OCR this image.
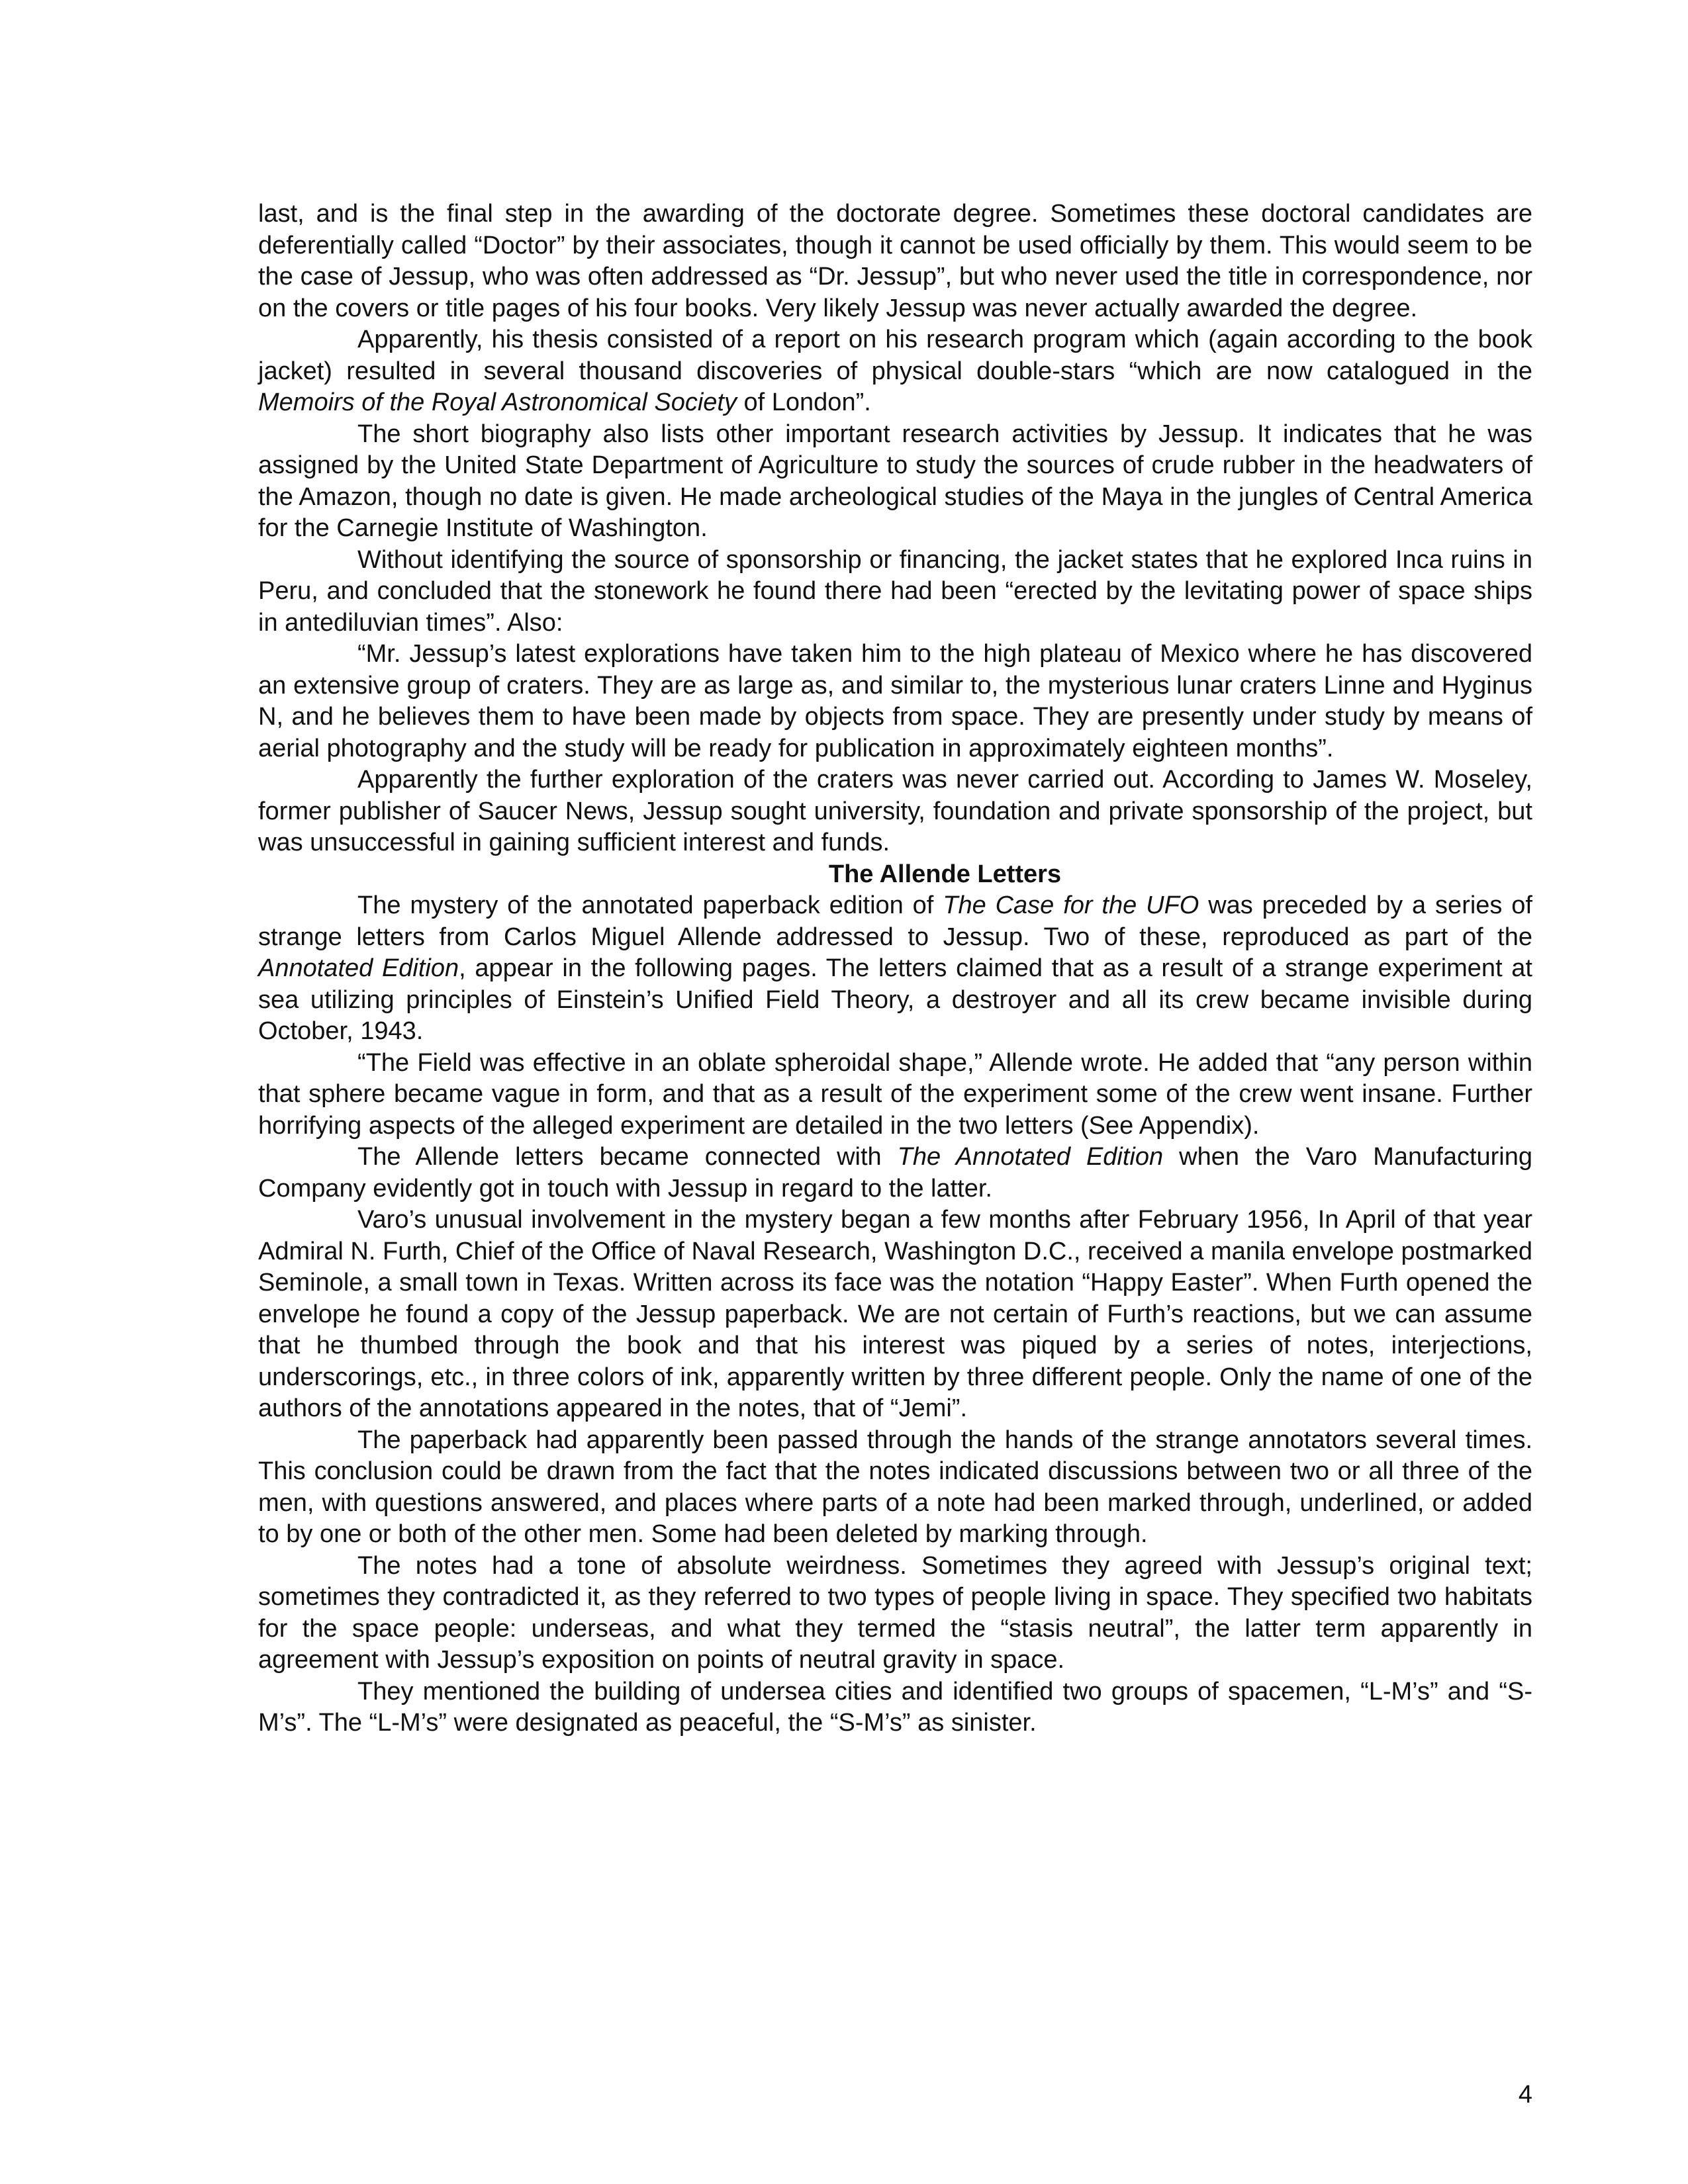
last, and is the final step in the awarding of the doctorate degree. Sometimes these doctoral candidates are deferentially called “Doctor” by their associates, though it cannot be used officially by them. This would seem to be the case of Jessup, who was often addressed as “Dr. Jessup”, but who never used the title in correspondence, nor on the covers or title pages of his four books. Very likely Jessup was never actually awarded the degree.

Apparently, his thesis consisted of a report on his research program which (again according to the book jacket) resulted in several thousand discoveries of physical double-stars “which are now catalogued in the Memoirs of the Royal Astronomical Society of London”.

The short biography also lists other important research activities by Jessup. It indicates that he was assigned by the United State Department of Agriculture to study the sources of crude rubber in the headwaters of the Amazon, though no date is given. He made archeological studies of the Maya in the jungles of Central America for the Carnegie Institute of Washington.

Without identifying the source of sponsorship or financing, the jacket states that he explored Inca ruins in Peru, and concluded that the stonework he found there had been “erected by the levitating power of space ships in antediluvian times”. Also:

“Mr. Jessup’s latest explorations have taken him to the high plateau of Mexico where he has discovered an extensive group of craters. They are as large as, and similar to, the mysterious lunar craters Linne and Hyginus N, and he believes them to have been made by objects from space. They are presently under study by means of aerial photography and the study will be ready for publication in approximately eighteen months”.

Apparently the further exploration of the craters was never carried out. According to James W. Moseley, former publisher of Saucer News, Jessup sought university, foundation and private sponsorship of the project, but was unsuccessful in gaining sufficient interest and funds.

The Allende Letters

The mystery of the annotated paperback edition of The Case for the UFO was preceded by a series of strange letters from Carlos Miguel Allende addressed to Jessup. Two of these, reproduced as part of the Annotated Edition, appear in the following pages. The letters claimed that as a result of a strange experiment at sea utilizing principles of Einstein’s Unified Field Theory, a destroyer and all its crew became invisible during October, 1943.

“The Field was effective in an oblate spheroidal shape,” Allende wrote. He added that “any person within that sphere became vague in form, and that as a result of the experiment some of the crew went insane. Further horrifying aspects of the alleged experiment are detailed in the two letters (See Appendix).

The Allende letters became connected with The Annotated Edition when the Varo Manufacturing Company evidently got in touch with Jessup in regard to the latter.

Varo’s unusual involvement in the mystery began a few months after February 1956, In April of that year Admiral N. Furth, Chief of the Office of Naval Research, Washington D.C., received a manila envelope postmarked Seminole, a small town in Texas. Written across its face was the notation “Happy Easter”. When Furth opened the envelope he found a copy of the Jessup paperback. We are not certain of Furth’s reactions, but we can assume that he thumbed through the book and that his interest was piqued by a series of notes, interjections, underscorings, etc., in three colors of ink, apparently written by three different people. Only the name of one of the authors of the annotations appeared in the notes, that of “Jemi”.

The paperback had apparently been passed through the hands of the strange annotators several times. This conclusion could be drawn from the fact that the notes indicated discussions between two or all three of the men, with questions answered, and places where parts of a note had been marked through, underlined, or added to by one or both of the other men. Some had been deleted by marking through.

The notes had a tone of absolute weirdness. Sometimes they agreed with Jessup’s original text; sometimes they contradicted it, as they referred to two types of people living in space. They specified two habitats for the space people: underseas, and what they termed the “stasis neutral”, the latter term apparently in agreement with Jessup’s exposition on points of neutral gravity in space.

They mentioned the building of undersea cities and identified two groups of spacemen, “L-M’s” and “S-M’s”. The “L-M’s” were designated as peaceful, the “S-M’s” as sinister.

4
